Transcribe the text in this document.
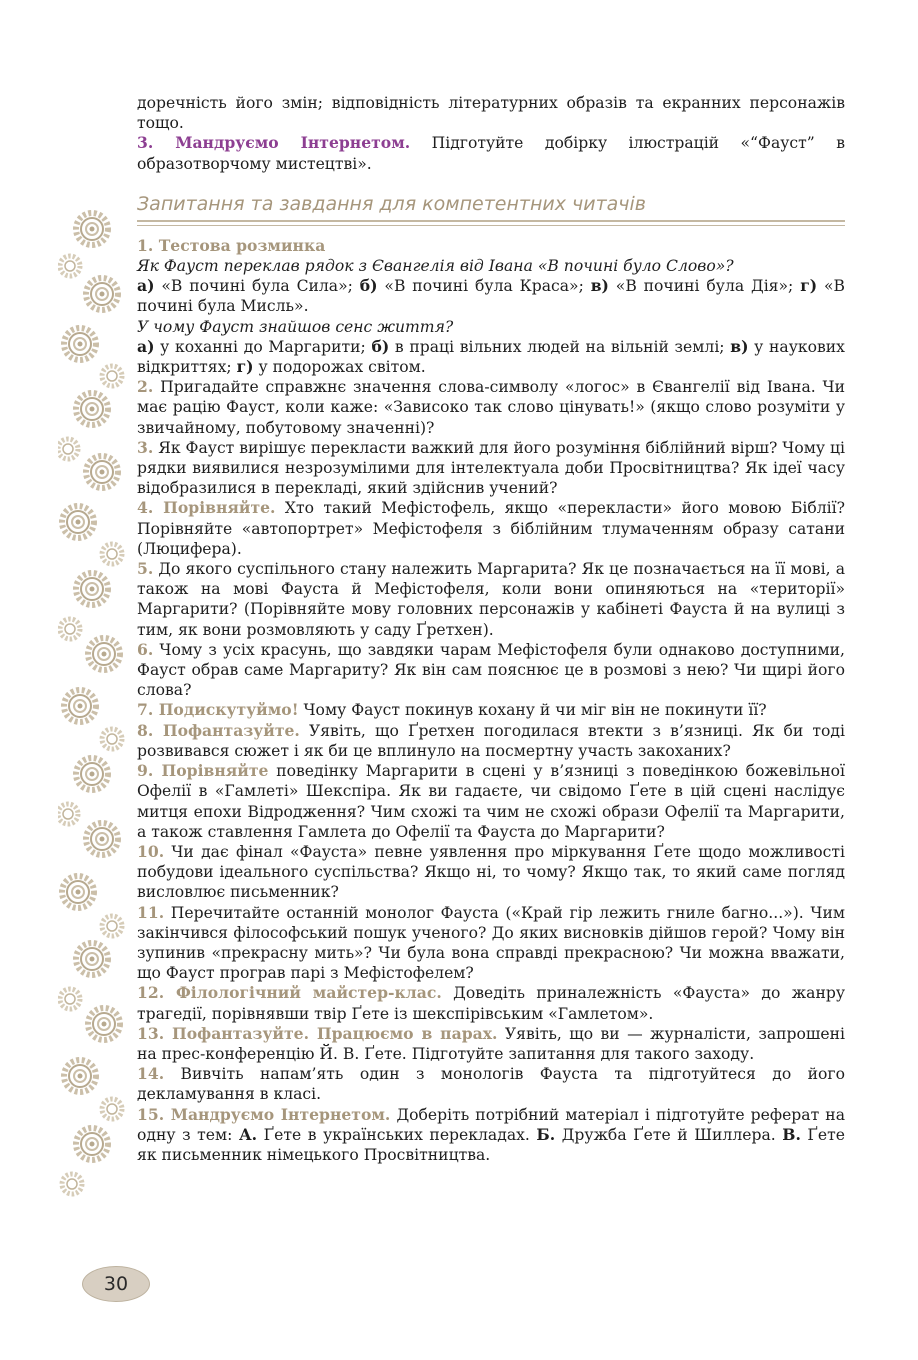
доречність його змін; відповідність літературних образів та екранних персонажів тощо.

3. Мандруємо Інтернетом. Підготуйте добірку ілюстрацій «“Фауст” в образотворчому мистецтві».

Запитання та завдання для компетентних читачів

1. Тестова розминка

Як Фауст переклав рядок з Євангелія від Івана «В почині було Слово»?

а) «В почині була Сила»; б) «В почині була Краса»; в) «В почині була Дія»; г) «В почині була Мисль».

У чому Фауст знайшов сенс життя?

а) у коханні до Маргарити; б) в праці вільних людей на вільній землі; в) у наукових відкриттях; г) у подорожах світом.

2. Пригадайте справжнє значення слова-символу «логос» в Євангелії від Івана. Чи має рацію Фауст, коли каже: «Зависоко так слово цінувать!» (якщо слово розуміти у звичайному, побутовому значенні)?

3. Як Фауст вирішує перекласти важкий для його розуміння біблійний вірш? Чому ці рядки виявилися незрозумілими для інтелектуала доби Просвітництва? Як ідеї часу відобразилися в перекладі, який здійснив учений?

4. Порівняйте. Хто такий Мефістофель, якщо «перекласти» його мовою Біблії? Порівняйте «автопортрет» Мефістофеля з біблійним тлумаченням образу сатани (Люцифера).

5. До якого суспільного стану належить Маргарита? Як це позначається на її мові, а також на мові Фауста й Мефістофеля, коли вони опиняються на «території» Маргарити? (Порівняйте мову головних персонажів у кабінеті Фауста й на вулиці з тим, як вони розмовляють у саду Ґретхен).

6. Чому з усіх красунь, що завдяки чарам Мефістофеля були однаково доступними, Фауст обрав саме Маргариту? Як він сам пояснює це в розмові з нею? Чи щирі його слова?

7. Подискутуймо! Чому Фауст покинув кохану й чи міг він не покинути її?

8. Пофантазуйте. Уявіть, що Ґретхен погодилася втекти з в’язниці. Як би тоді розвивався сюжет і як би це вплинуло на посмертну участь закоханих?

9. Порівняйте поведінку Маргарити в сцені у в’язниці з поведінкою божевільної Офелії в «Гамлеті» Шекспіра. Як ви гадаєте, чи свідомо Ґете в цій сцені наслідує митця епохи Відродження? Чим схожі та чим не схожі образи Офелії та Маргарити, а також ставлення Гамлета до Офелії та Фауста до Маргарити?

10. Чи дає фінал «Фауста» певне уявлення про міркування Ґете щодо можливості побудови ідеального суспільства? Якщо ні, то чому? Якщо так, то який саме погляд висловлює письменник?

11. Перечитайте останній монолог Фауста («Край гір лежить гниле багно...»). Чим закінчився філософський пошук ученого? До яких висновків дійшов герой? Чому він зупинив «прекрасну мить»? Чи була вона справді прекрасною? Чи можна вважати, що Фауст програв парі з Мефістофелем?

12. Філологічний майстер-клас. Доведіть приналежність «Фауста» до жанру трагедії, порівнявши твір Ґете із шекспірівським «Гамлетом».

13. Пофантазуйте. Працюємо в парах. Уявіть, що ви — журналісти, запрошені на прес-конференцію Й. В. Ґете. Підготуйте запитання для такого заходу.

14. Вивчіть напам’ять один з монологів Фауста та підготуйтеся до його декламування в класі.

15. Мандруємо Інтернетом. Доберіть потрібний матеріал і підготуйте реферат на одну з тем: А. Ґете в українських перекладах. Б. Дружба Ґете й Шиллера. В. Ґете як письменник німецького Просвітництва.

30
